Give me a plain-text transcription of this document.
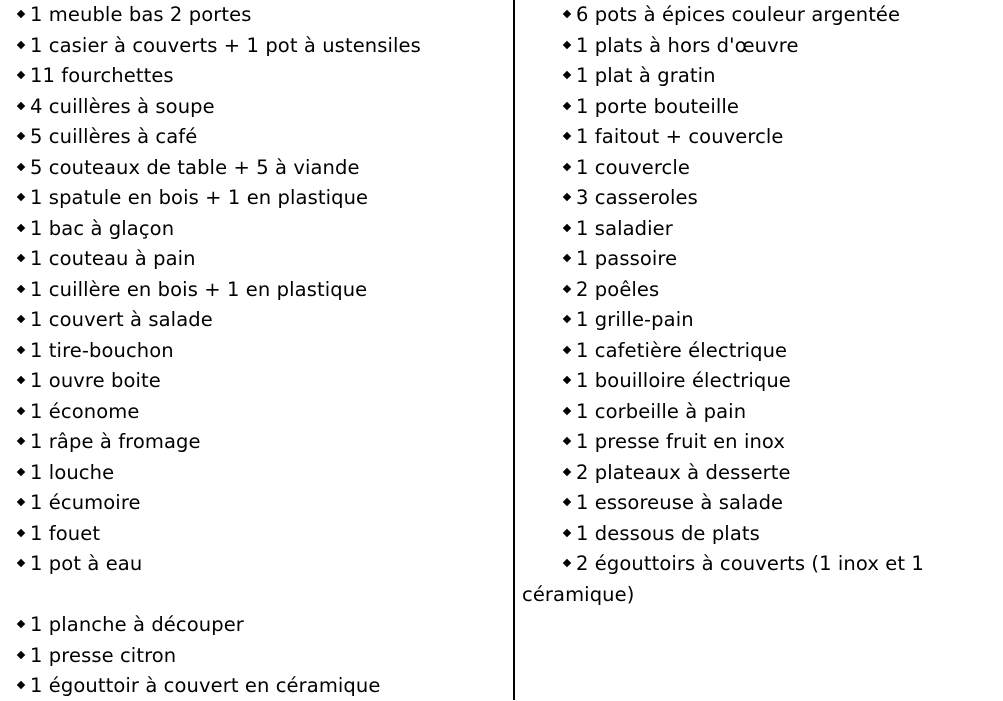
1 meuble bas 2 portes
1 casier à couverts + 1 pot à ustensiles
11 fourchettes
4 cuillères à soupe
5 cuillères à café
5 couteaux de table + 5 à viande
1 spatule en bois + 1 en plastique
1 bac à glaçon
1 couteau à pain
1 cuillère en bois + 1 en plastique
1 couvert à salade
1 tire-bouchon
1 ouvre boite
1 économe
1 râpe à fromage
1 louche
1 écumoire
1 fouet
1 pot à eau
1 planche à découper
1 presse citron
1 égouttoir à couvert en céramique
6 pots à épices couleur argentée
1 plats à hors d'œuvre
1 plat à gratin
1 porte bouteille
1 faitout + couvercle
1 couvercle
3 casseroles
1 saladier
1 passoire
2 poêles
1 grille-pain
1 cafetière électrique
1 bouilloire électrique
1 corbeille à pain
1 presse fruit en inox
2 plateaux à desserte
1 essoreuse à salade
1 dessous de plats
2 égouttoirs à couverts (1 inox et 1
céramique)
